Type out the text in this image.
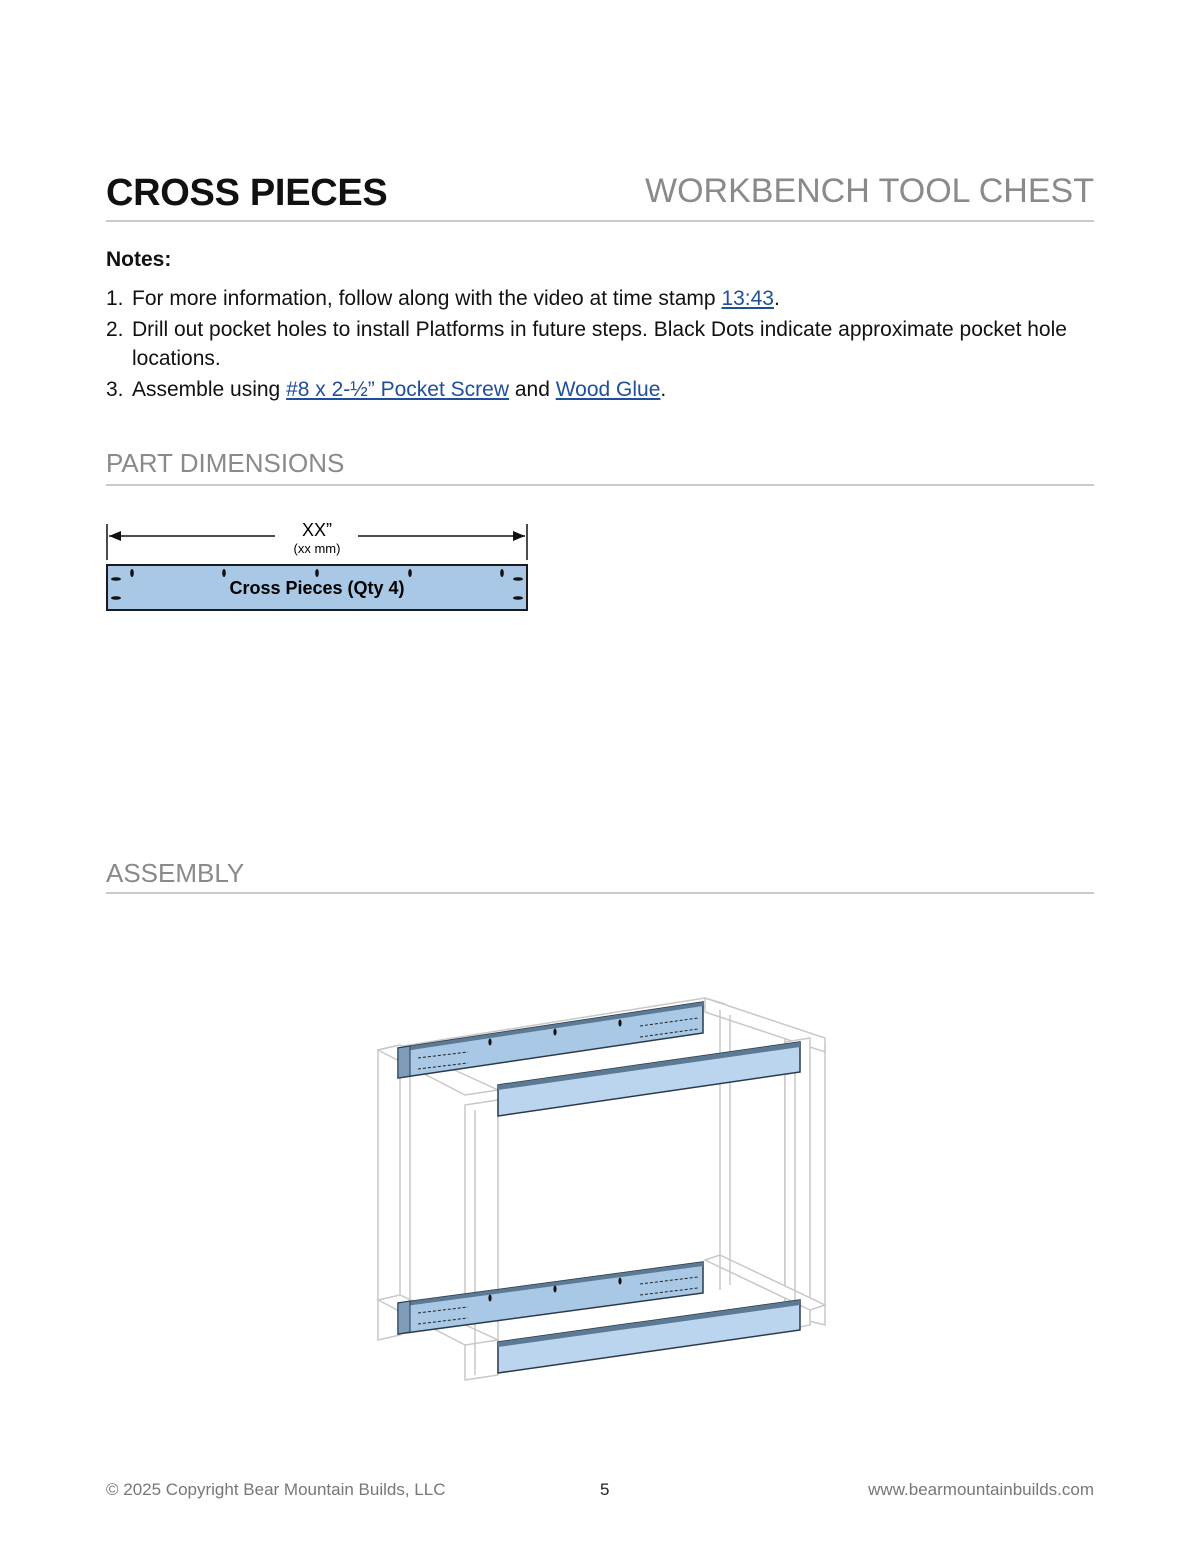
CROSS PIECES	WORKBENCH TOOL CHEST
Notes:
1. For more information, follow along with the video at time stamp 13:43.
2. Drill out pocket holes to install Platforms in future steps. Black Dots indicate approximate pocket hole locations.
3. Assemble using #8 x 2-½” Pocket Screw and Wood Glue.
PART DIMENSIONS
XX”
(xx mm)
Cross Pieces (Qty 4)
ASSEMBLY
© 2025 Copyright Bear Mountain Builds, LLC	5	www.bearmountainbuilds.com
